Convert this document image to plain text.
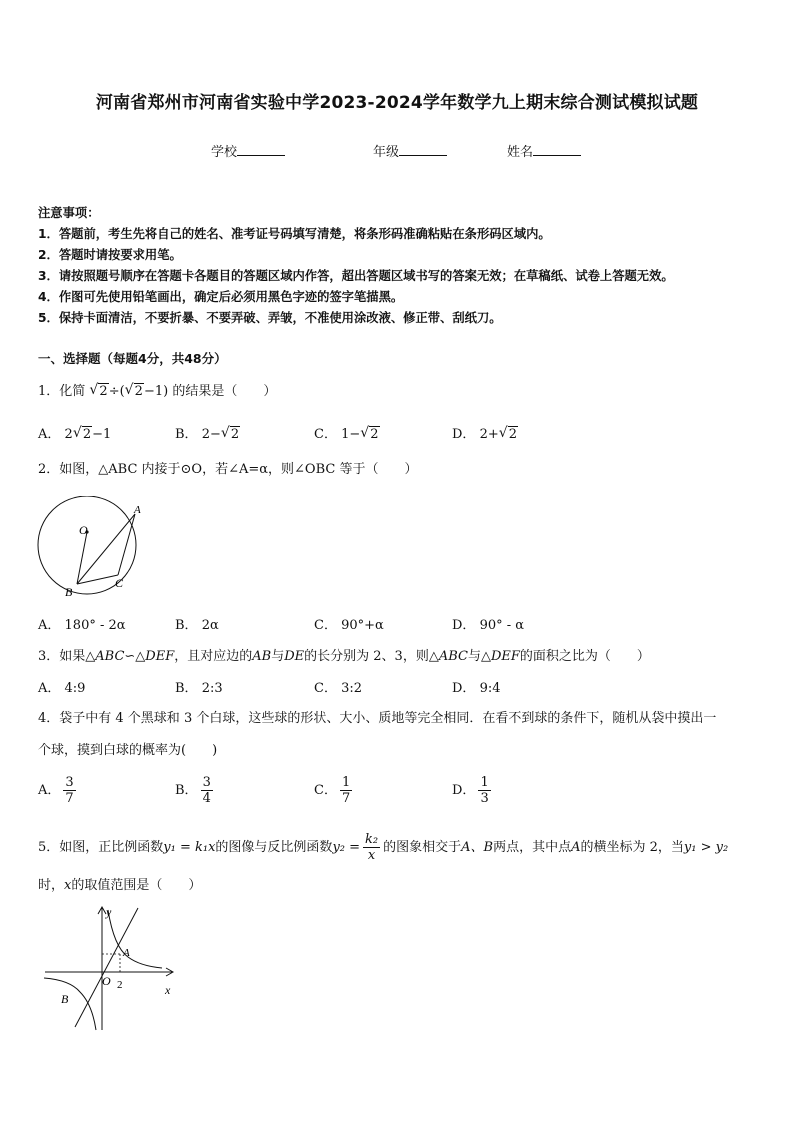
河南省郑州市河南省实验中学2023-2024学年数学九上期末综合测试模拟试题
学校	年级	姓名
注意事项：
1．答题前，考生先将自己的姓名、准考证号码填写清楚，将条形码准确粘贴在条形码区域内。
2．答题时请按要求用笔。
3．请按照题号顺序在答题卡各题目的答题区域内作答，超出答题区域书写的答案无效；在草稿纸、试卷上答题无效。
4．作图可先使用铅笔画出，确定后必须用黑色字迹的签字笔描黑。
5．保持卡面清洁，不要折暴、不要弄破、弄皱，不准使用涂改液、修正带、刮纸刀。
一、选择题（每题4分，共48分）
1．化简 √ 2÷( √ 2−1) 的结果是（　　）
A． 2 √ 2−1	B． 2− √ 2	C． 1− √ 2	D． 2+ √ 2
2．如图，△ABC 内接于⊙O，若∠A=α，则∠OBC 等于（　　）
O
A
B
C
A． 180° - 2α	B． 2α	C． 90°+α	D． 90° - α
3．如果△ABC∽△DEF，且对应边的AB与DE的长分别为 2、3，则△ABC与△DEF的面积之比为（　　）
A． 4:9	B． 2:3	C． 3:2	D． 9:4
4．袋子中有 4 个黑球和 3 个白球，这些球的形状、大小、质地等完全相同．在看不到球的条件下，随机从袋中摸出一
个球，摸到白球的概率为(　　)
A． $\frac{3}{7}$	B． $\frac{3}{4}$	C． $\frac{1}{7}$	D． $\frac{1}{3}$
5．如图，正比例函数y₁ = k₁x的图像与反比例函数$y_2 = \frac{\text{k₂}}{x}$ 的图象相交于A、B两点，其中点A的横坐标为 2，当y₁ > y₂
时，x的取值范围是（　　）
y
x
O
A
2
B
